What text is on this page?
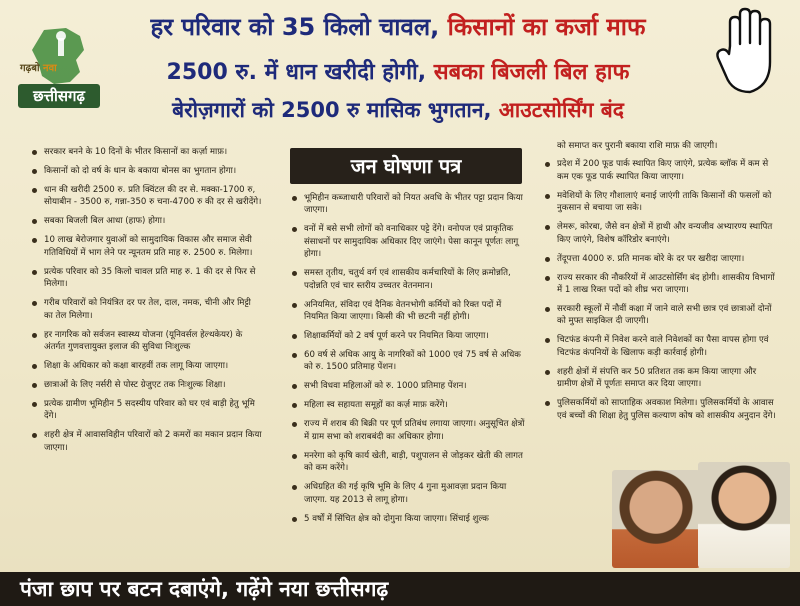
गढ़बो नवा
छत्तीसगढ़
हर परिवार को 35 किलो चावल, किसानों का कर्जा माफ
2500 रु. में धान खरीदी होगी, सबका बिजली बिल हाफ
बेरोज़गारों को 2500 रु मासिक भुगतान, आउटसोर्सिंग बंद
सरकार बनने के 10 दिनों के भीतर किसानों का कर्ज़ा माफ़।
किसानों को दो वर्ष के धान के बकाया बोनस का भुगतान होगा।
धान की खरीदी 2500 रु. प्रति क्विंटल की दर से. मक्का-1700 रु, सोयाबीन - 3500 रु, गन्ना-350 रु चना-4700 रु की दर से खरीदेंगे।
सबका बिजली बिल आधा (हाफ) होगा।
10 लाख बेरोजगार युवाओं को सामुदायिक विकास और समाज सेवी गतिविधियों में भाग लेने पर न्यूनतम प्रति माह रु. 2500 रु. मिलेगा।
प्रत्येक परिवार को 35 किलो चावल प्रति माह रु. 1 की दर से फिर से मिलेगा।
गरीब परिवारों को नियंत्रित दर पर तेल, दाल, नमक, चीनी और मिट्टी का तेल मिलेगा।
हर नागरिक को सर्वजन स्वास्थ्य योजना (यूनिवर्सल हेल्थकेयर) के अंतर्गत गुणवत्तायुक्त इलाज की सुविधा निःशुल्क
शिक्षा के अधिकार को कक्षा बारहवीं तक लागू किया जाएगा।
छात्राओं के लिए नर्सरी से पोस्ट ग्रेजुएट तक निःशुल्क शिक्षा।
प्रत्येक ग्रामीण भूमिहीन 5 सदस्यीय परिवार को घर एवं बाड़ी हेतु भूमि देंगे।
शहरी क्षेत्र में आवासविहीन परिवारों को 2 कमरों का मकान प्रदान किया जाएगा।
जन घोषणा पत्र
भूमिहीन कब्जाधारी परिवारों को नियत अवधि के भीतर पट्टा प्रदान किया जाएगा।
वनों में बसे सभी लोगों को वनाधिकार पट्टे देंगे। वनोपज एवं प्राकृतिक संसाधनों पर सामुदायिक अधिकार दिए जाएंगे। पेसा कानून पूर्णतः लागू होगा।
समस्त तृतीय, चतुर्थ वर्ग एवं शासकीय कर्मचारियों के लिए क्रमोन्नति, पदोन्नति एवं चार स्तरीय उच्चतर वेतनमान।
अनियमित, संविदा एवं दैनिक वेतनभोगी कर्मियों को रिक्त पदों में नियमित किया जाएगा। किसी की भी छटनी नहीं होगी।
शिक्षाकर्मियों को 2 वर्ष पूर्ण करने पर नियमित किया जाएगा।
60 वर्ष से अधिक आयु के नागरिकों को 1000 एवं 75 वर्ष से अधिक को रु. 1500 प्रतिमाह पेंशन।
सभी विधवा महिलाओं को रु. 1000 प्रतिमाह पेंशन।
महिला स्व सहायता समूहों का कर्ज़ माफ़ करेंगे।
राज्य में शराब की बिक्री पर पूर्ण प्रतिबंध लगाया जाएगा। अनुसूचित क्षेत्रों में ग्राम सभा को शराबबंदी का अधिकार होगा।
मनरेगा को कृषि कार्य खेती, बाड़ी, पशुपालन से जोड़कर खेती की लागत को कम करेंगे।
अधिग्रहित की गई कृषि भूमि के लिए 4 गुना मुआवज़ा प्रदान किया जाएगा. यह 2013 से लागू होगा।
5 वर्षों में सिंचित क्षेत्र को दोगुना किया जाएगा। सिंचाई शुल्क
को समाप्त कर पुरानी बकाया राशि माफ़ की जाएगी।
प्रदेश में 200 फूड पार्क स्थापित किए जाएंगे, प्रत्येक ब्लॉक में कम से कम एक फूड पार्क स्थापित किया जाएगा।
मवेशियों के लिए गौशालाएं बनाई जाएंगी ताकि किसानों की फसलों को नुकसान से बचाया जा सके।
लेमरू, कोरबा, जैसे वन क्षेत्रों में हाथी और वन्यजीव अभ्यारण्य स्थापित किए जाएंगे, विशेष कॉरिडोर बनाएंगे।
तेंदूपत्ता 4000 रु. प्रति मानक बोरे के दर पर खरीदा जाएगा।
राज्य सरकार की नौकरियों में आउटसोर्सिंग बंद होगी। शासकीय विभागों में 1 लाख रिक्त पदों को शीघ्र भरा जाएगा।
सरकारी स्कूलों में नौवीं कक्षा में जाने वाले सभी छात्र एवं छात्राओं दोनों को मुफ्त साइकिल दी जाएगी।
चिटफंड कंपनी में निवेश करने वाले निवेशकों का पैसा वापस होगा एवं चिटफंड कंपनियों के खिलाफ कड़ी कार्रवाई होगी।
शहरी क्षेत्रों में संपत्ति कर 50 प्रतिशत तक कम किया जाएगा और ग्रामीण क्षेत्रों में पूर्णतः समाप्त कर दिया जाएगा।
पुलिसकर्मियों को साप्ताहिक अवकाश मिलेगा। पुलिसकर्मियों के आवास एवं बच्चों की शिक्षा हेतु पुलिस कल्याण कोष को शासकीय अनुदान देंगे।
पंजा छाप पर बटन दबाएंगे, गढ़ेंगे नया छत्तीसगढ़
